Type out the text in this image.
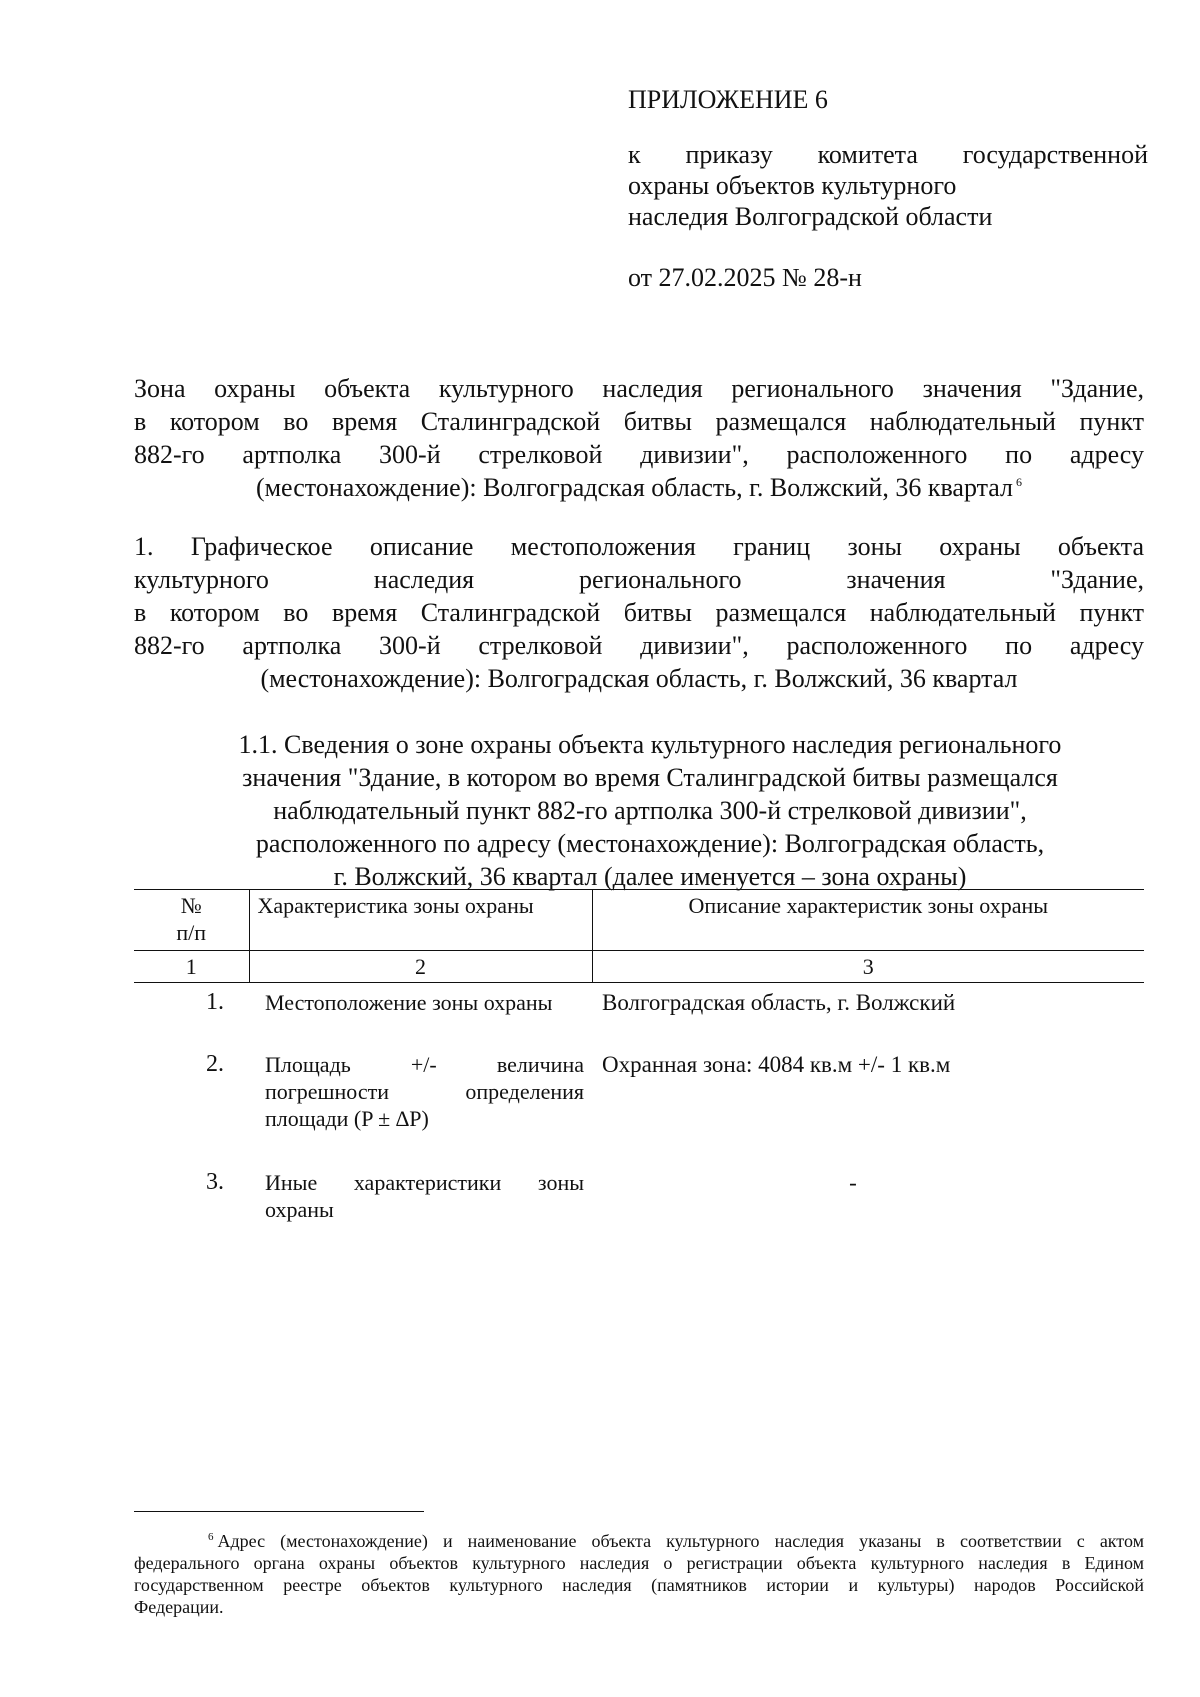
ПРИЛОЖЕНИЕ 6
к приказу комитета государственной
охраны объектов культурного
наследия Волгоградской области
от 27.02.2025 № 28-н
Зона охраны объекта культурного наследия регионального значения "Здание,
в котором во время Сталинградской битвы размещался наблюдательный пункт
882-го артполка 300-й стрелковой дивизии", расположенного по адресу
(местонахождение): Волгоградская область, г. Волжский, 36 квартал $^6$
1. Графическое описание местоположения границ зоны охраны объекта
культурного наследия регионального значения "Здание,
в котором во время Сталинградской битвы размещался наблюдательный пункт
882-го артполка 300-й стрелковой дивизии", расположенного по адресу
(местонахождение): Волгоградская область, г. Волжский, 36 квартал
1.1. Сведения о зоне охраны объекта культурного наследия регионального
значения "Здание, в котором во время Сталинградской битвы размещался
наблюдательный пункт 882-го артполка 300-й стрелковой дивизии",
расположенного по адресу (местонахождение): Волгоградская область,
г. Волжский, 36 квартал (далее именуется – зона охраны)
№
п/п	Характеристика зоны охраны	Описание характеристик зоны охраны
1	2	3
1.	Местоположение зоны охраны	Волгоградская область, г. Волжский
2.	Площадь +/- величина
погрешности определения
площади (P ± ∆P)	Охранная зона: 4084 кв.м +/- 1 кв.м
3.	Иные характеристики зоны
охраны	-
$^6$ Адрес (местонахождение) и наименование объекта культурного наследия указаны в соответствии с актом
федерального органа охраны объектов культурного наследия о регистрации объекта культурного наследия в Едином
государственном реестре объектов культурного наследия (памятников истории и культуры) народов Российской
Федерации.
